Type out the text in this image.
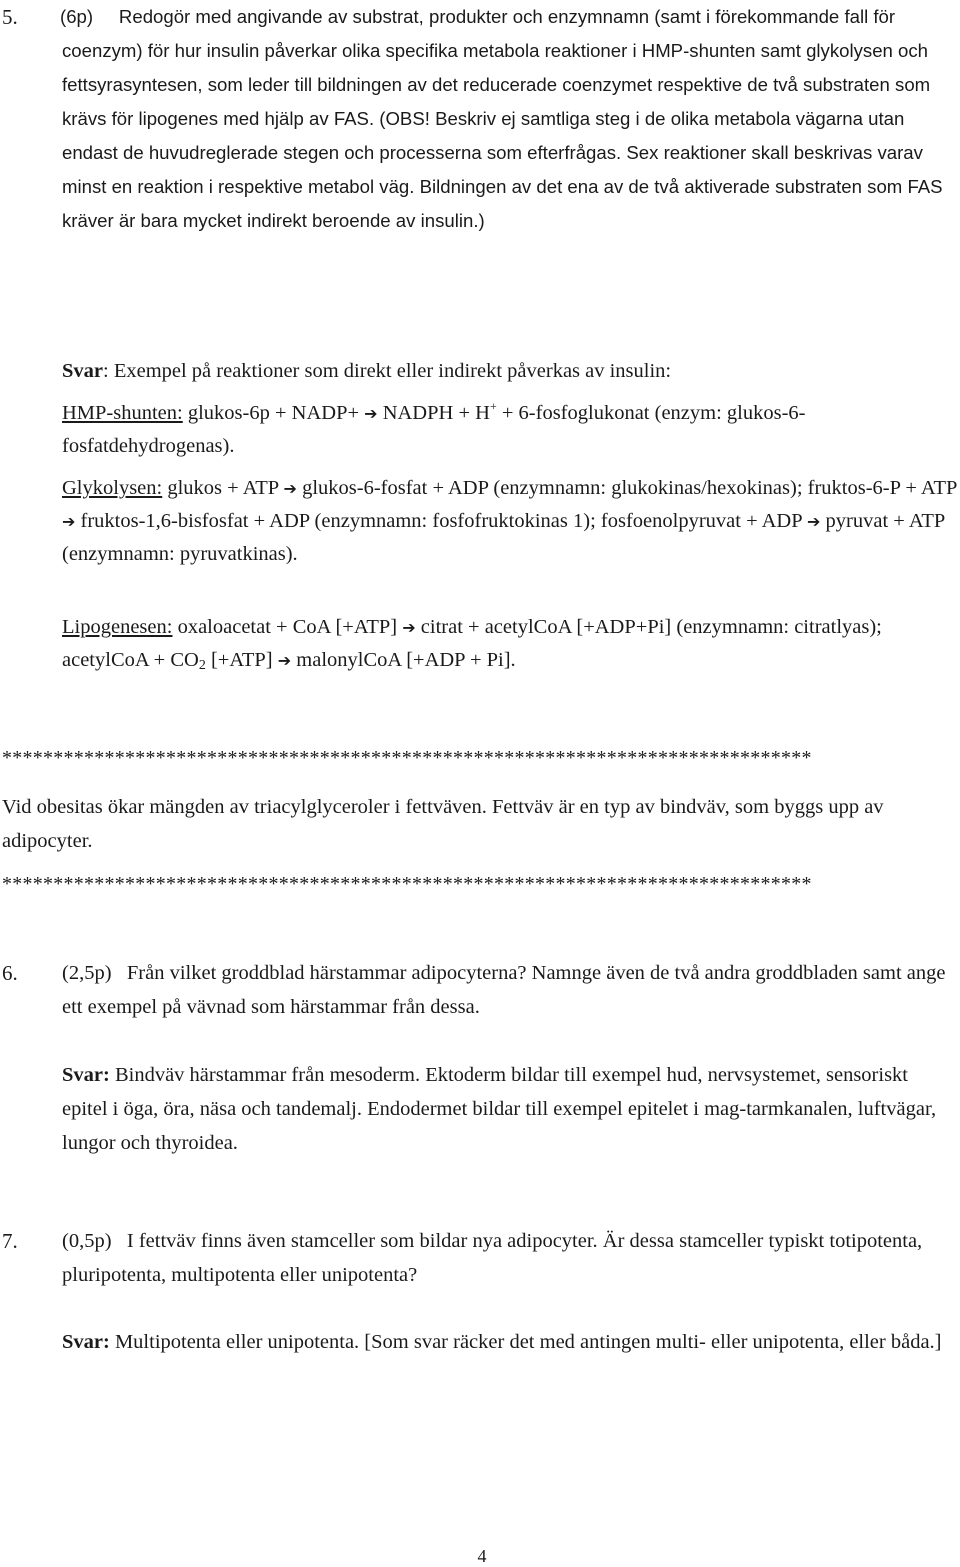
5. (6p) Redogör med angivande av substrat, produkter och enzymnamn (samt i förekommande fall för coenzym) för hur insulin påverkar olika specifika metabola reaktioner i HMP-shunten samt glykolysen och fettsyrasyntesen, som leder till bildningen av det reducerade coenzymet respektive de två substraten som krävs för lipogenes med hjälp av FAS. (OBS! Beskriv ej samtliga steg i de olika metabola vägarna utan endast de huvudreglerade stegen och processerna som efterfrågas. Sex reaktioner skall beskrivas varav minst en reaktion i respektive metabol väg. Bildningen av det ena av de två aktiverade substraten som FAS kräver är bara mycket indirekt beroende av insulin.)

Svar: Exempel på reaktioner som direkt eller indirekt påverkas av insulin:

HMP-shunten: glukos-6p + NADP+ ➔ NADPH + H+ + 6-fosfoglukonat (enzym: glukos-6-fosfatdehydrogenas).

Glykolysen: glukos + ATP ➔ glukos-6-fosfat + ADP (enzymnamn: glukokinas/hexokinas); fruktos-6-P + ATP ➔ fruktos-1,6-bisfosfat + ADP (enzymnamn: fosfofruktokinas 1); fosfoenolpyruvat + ADP ➔ pyruvat + ATP (enzymnamn: pyruvatkinas).

Lipogenesen: oxaloacetat + CoA [+ATP] ➔ citrat + acetylCoA [+ADP+Pi] (enzymnamn: citratlyas); acetylCoA + $CO_2$ [+ATP] ➔ malonylCoA [+ADP + Pi].

*******************************************************************************
Vid obesitas ökar mängden av triacylglyceroler i fettväven. Fettväv är en typ av bindväv, som byggs upp av adipocyter.
*******************************************************************************
6. (2,5p) Från vilket groddblad härstammar adipocyterna? Namnge även de två andra groddbladen samt ange ett exempel på vävnad som härstammar från dessa.
Svar: Bindväv härstammar från mesoderm. Ektoderm bildar till exempel hud, nervsystemet, sensoriskt epitel i öga, öra, näsa och tandemalj. Endodermet bildar till exempel epitelet i mag-tarmkanalen, luftvägar, lungor och thyroidea.
7. (0,5p) I fettväv finns även stamceller som bildar nya adipocyter. Är dessa stamceller typiskt totipotenta, pluripotenta, multipotenta eller unipotenta?
Svar: Multipotenta eller unipotenta. [Som svar räcker det med antingen multi- eller unipotenta, eller båda.]
4
